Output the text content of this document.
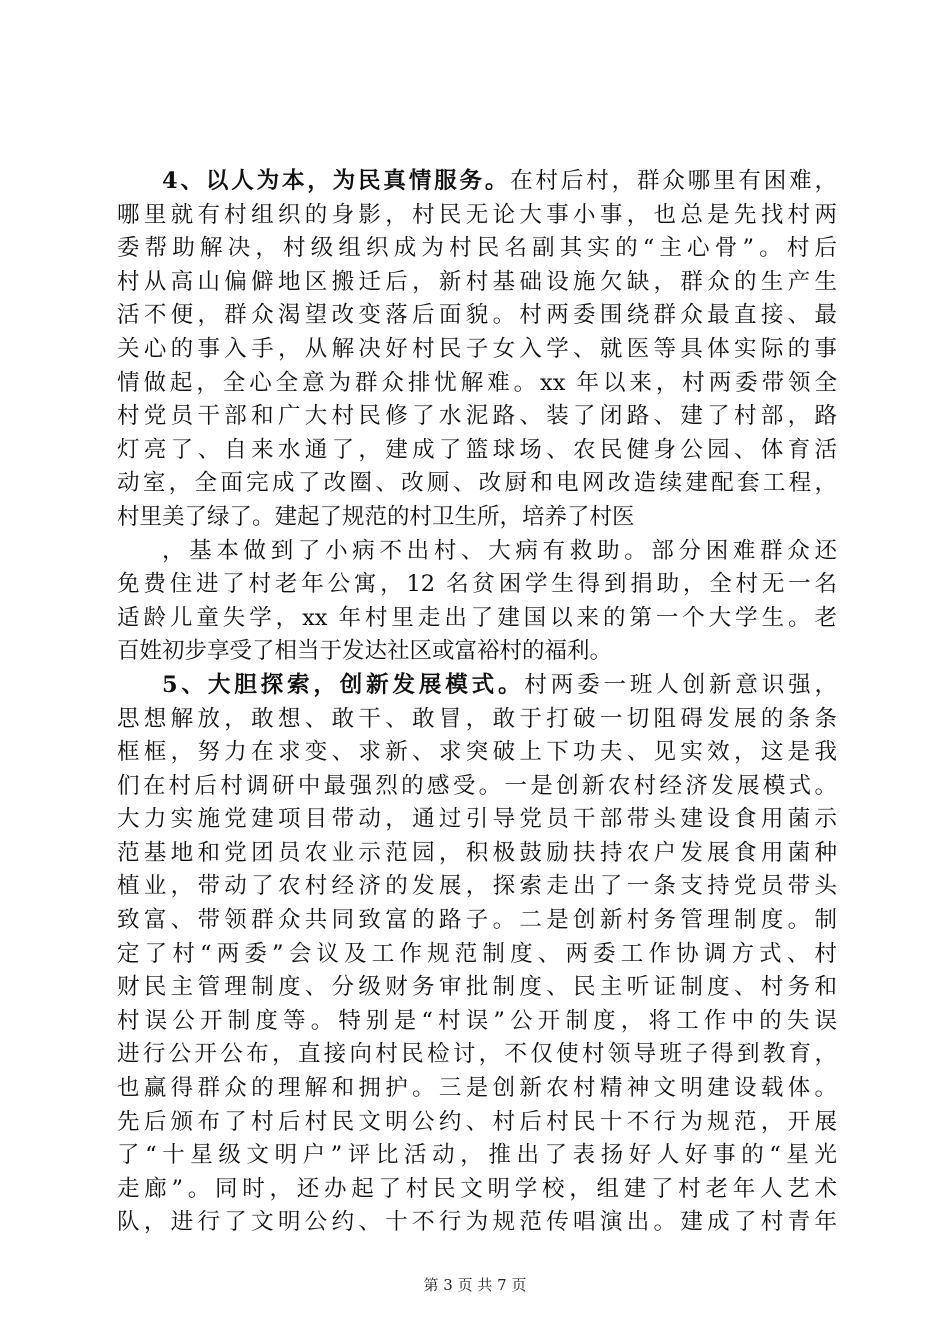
4、以人为本，为民真情服务。在村后村，群众哪里有困难，
哪里就有村组织的身影，村民无论大事小事，也总是先找村两
委帮助解决，村级组织成为村民名副其实的“主心骨”。村后
村从高山偏僻地区搬迁后，新村基础设施欠缺，群众的生产生
活不便，群众渴望改变落后面貌。村两委围绕群众最直接、最
关心的事入手，从解决好村民子女入学、就医等具体实际的事
情做起，全心全意为群众排忧解难。xx 年以来，村两委带领全
村党员干部和广大村民修了水泥路、装了闭路、建了村部，路
灯亮了、自来水通了，建成了篮球场、农民健身公园、体育活
动室，全面完成了改圈、改厕、改厨和电网改造续建配套工程，
村里美了绿了。建起了规范的村卫生所，培养了村医
，基本做到了小病不出村、大病有救助。部分困难群众还
免费住进了村老年公寓，12 名贫困学生得到捐助，全村无一名
适龄儿童失学，xx 年村里走出了建国以来的第一个大学生。老
百姓初步享受了相当于发达社区或富裕村的福利。
5、大胆探索，创新发展模式。村两委一班人创新意识强，
思想解放，敢想、敢干、敢冒，敢于打破一切阻碍发展的条条
框框，努力在求变、求新、求突破上下功夫、见实效，这是我
们在村后村调研中最强烈的感受。一是创新农村经济发展模式。
大力实施党建项目带动，通过引导党员干部带头建设食用菌示
范基地和党团员农业示范园，积极鼓励扶持农户发展食用菌种
植业，带动了农村经济的发展，探索走出了一条支持党员带头
致富、带领群众共同致富的路子。二是创新村务管理制度。制
定了村“两委”会议及工作规范制度、两委工作协调方式、村
财民主管理制度、分级财务审批制度、民主听证制度、村务和
村误公开制度等。特别是“村误”公开制度，将工作中的失误
进行公开公布，直接向村民检讨，不仅使村领导班子得到教育，
也赢得群众的理解和拥护。三是创新农村精神文明建设载体。
先后颁布了村后村民文明公约、村后村民十不行为规范，开展
了“十星级文明户”评比活动，推出了表扬好人好事的“星光
走廊”。同时，还办起了村民文明学校，组建了村老年人艺术
队，进行了文明公约、十不行为规范传唱演出。建成了村青年
第 3 页 共 7 页
